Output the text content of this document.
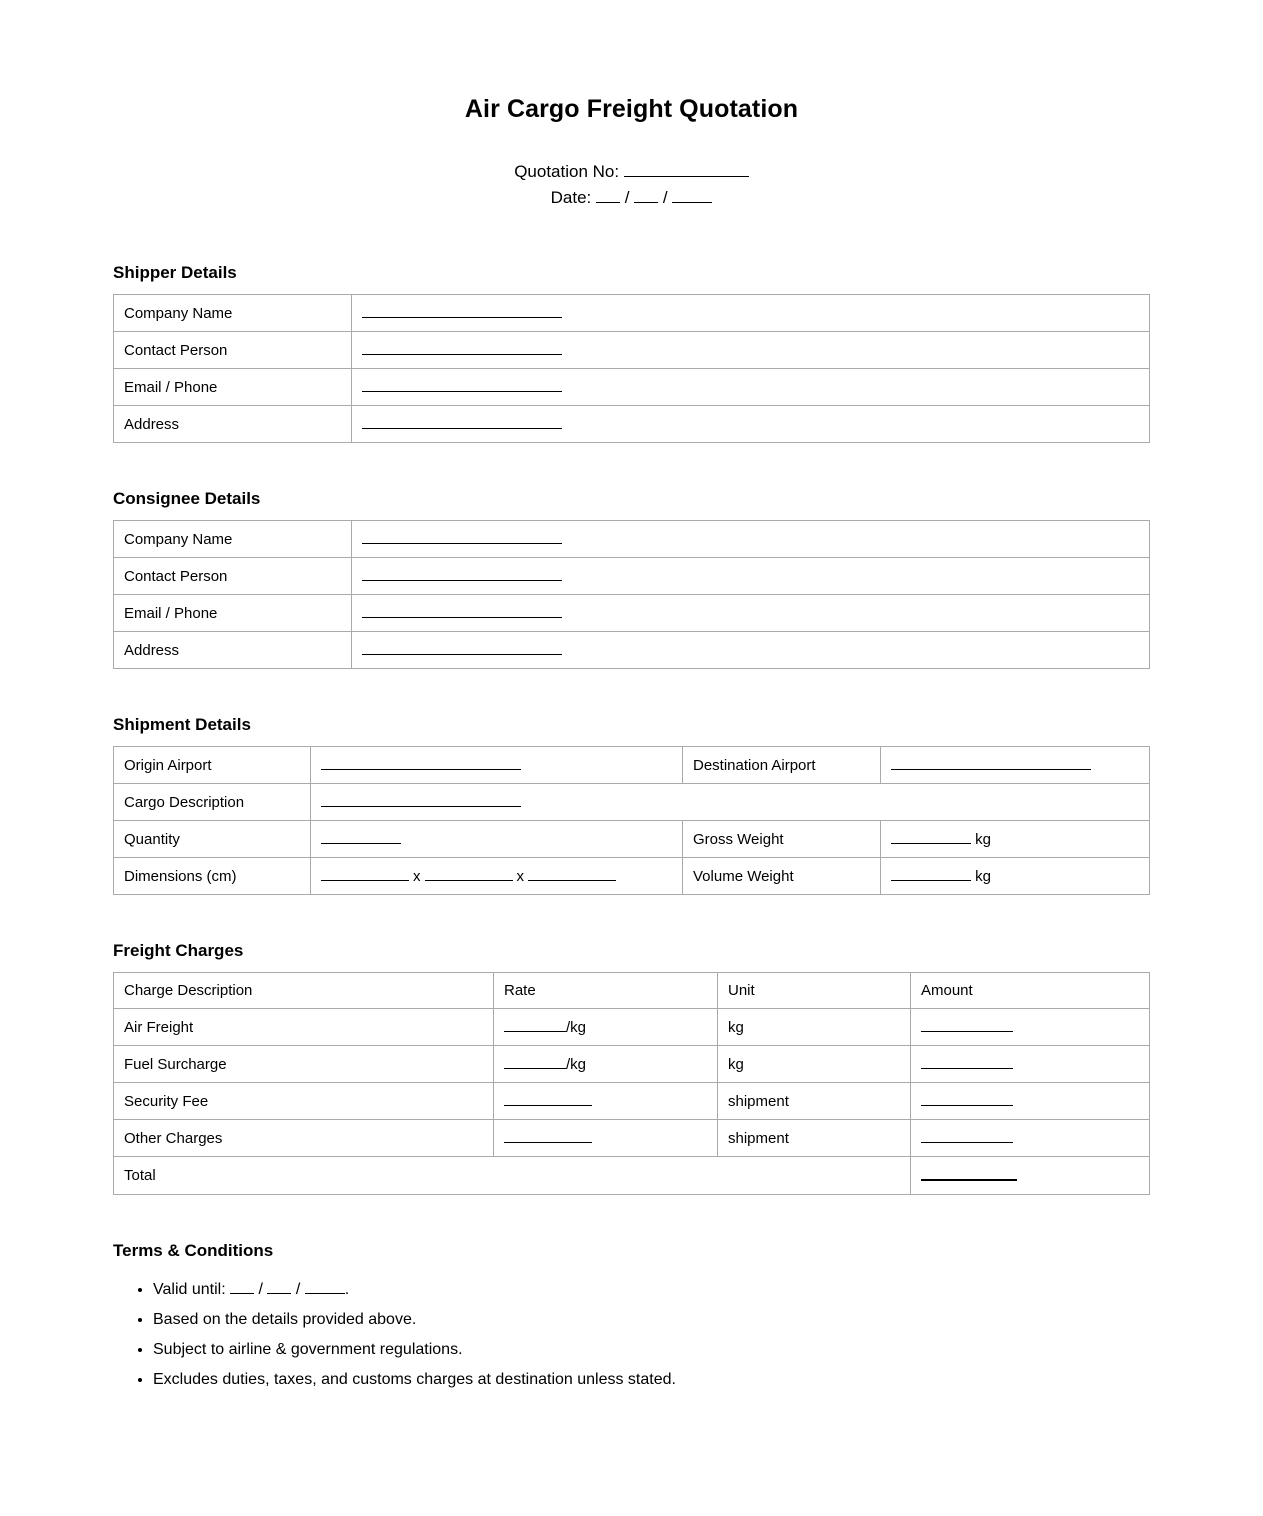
Air Cargo Freight Quotation
Quotation No:
Date:  /  /
Shipper Details
Company Name	
Contact Person	
Email / Phone	
Address	
Consignee Details
Company Name	
Contact Person	
Email / Phone	
Address	
Shipment Details
Origin Airport		Destination Airport	
Cargo Description			
Quantity		Gross Weight	kg
Dimensions (cm)	x x	Volume Weight	kg
Freight Charges
Charge Description	Rate	Unit	Amount
Air Freight	/kg	kg	
Fuel Surcharge	/kg	kg	
Security Fee		shipment	
Other Charges		shipment	
Total			
Terms & Conditions
• Valid until:  /  /	.
• Based on the details provided above.
• Subject to airline & government regulations.
• Excludes duties, taxes, and customs charges at destination unless stated.
